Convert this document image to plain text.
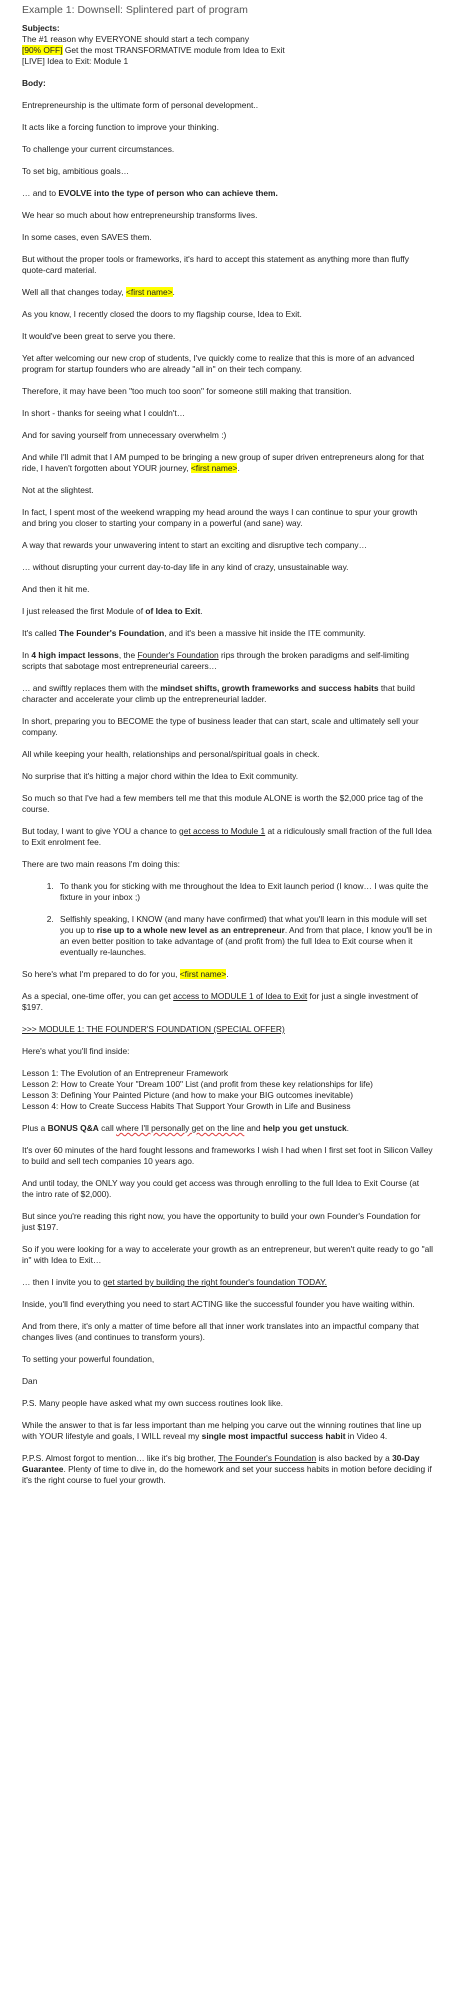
Example 1: Downsell: Splintered part of program
Subjects:
The #1 reason why EVERYONE should start a tech company
[90% OFF] Get the most TRANSFORMATIVE module from Idea to Exit
[LIVE] Idea to Exit: Module 1
Body:
Entrepreneurship is the ultimate form of personal development..
It acts like a forcing function to improve your thinking.
To challenge your current circumstances.
To set big, ambitious goals…
… and to EVOLVE into the type of person who can achieve them.
We hear so much about how entrepreneurship transforms lives.
In some cases, even SAVES them.
But without the proper tools or frameworks, it's hard to accept this statement as anything more than fluffy quote-card material.
Well all that changes today, <first name>.
As you know, I recently closed the doors to my flagship course, Idea to Exit.
It would've been great to serve you there.
Yet after welcoming our new crop of students, I've quickly come to realize that this is more of an advanced program for startup founders who are already "all in" on their tech company.
Therefore, it may have been "too much too soon" for someone still making that transition.
In short - thanks for seeing what I couldn't…
And for saving yourself from unnecessary overwhelm :)
And while I'll admit that I AM pumped to be bringing a new group of super driven entrepreneurs along for that ride, I haven't forgotten about YOUR journey, <first name>.
Not at the slightest.
In fact, I spent most of the weekend wrapping my head around the ways I can continue to spur your growth and bring you closer to starting your company in a powerful (and sane) way.
A way that rewards your unwavering intent to start an exciting and disruptive tech company…
… without disrupting your current day-to-day life in any kind of crazy, unsustainable way.
And then it hit me.
I just released the first Module of of Idea to Exit.
It's called The Founder's Foundation, and it's been a massive hit inside the ITE community.
In 4 high impact lessons, the Founder's Foundation rips through the broken paradigms and self-limiting scripts that sabotage most entrepreneurial careers…
… and swiftly replaces them with the mindset shifts, growth frameworks and success habits that build character and accelerate your climb up the entrepreneurial ladder.
In short, preparing you to BECOME the type of business leader that can start, scale and ultimately sell your company.
All while keeping your health, relationships and personal/spiritual goals in check.
No surprise that it's hitting a major chord within the Idea to Exit community.
So much so that I've had a few members tell me that this module ALONE is worth the $2,000 price tag of the course.
But today, I want to give YOU a chance to get access to Module 1 at a ridiculously small fraction of the full Idea to Exit enrolment fee.
There are two main reasons I'm doing this:
1. To thank you for sticking with me throughout the Idea to Exit launch period (I know… I was quite the fixture in your inbox ;)
2. Selfishly speaking, I KNOW (and many have confirmed) that what you'll learn in this module will set you up to rise up to a whole new level as an entrepreneur. And from that place, I know you'll be in an even better position to take advantage of (and profit from) the full Idea to Exit course when it eventually re-launches.
So here's what I'm prepared to do for you, <first name>.
As a special, one-time offer, you can get access to MODULE 1 of Idea to Exit for just a single investment of $197.
>>> MODULE 1: THE FOUNDER'S FOUNDATION (SPECIAL OFFER)
Here's what you'll find inside:
Lesson 1: The Evolution of an Entrepreneur Framework
Lesson 2: How to Create Your "Dream 100" List (and profit from these key relationships for life)
Lesson 3: Defining Your Painted Picture (and how to make your BIG outcomes inevitable)
Lesson 4: How to Create Success Habits That Support Your Growth in Life and Business
Plus a BONUS Q&A call where I'll personally get on the line and help you get unstuck.
It's over 60 minutes of the hard fought lessons and frameworks I wish I had when I first set foot in Silicon Valley to build and sell tech companies 10 years ago.
And until today, the ONLY way you could get access was through enrolling to the full Idea to Exit Course (at the intro rate of $2,000).
But since you're reading this right now, you have the opportunity to build your own Founder's Foundation for just $197.
So if you were looking for a way to accelerate your growth as an entrepreneur, but weren't quite ready to go "all in" with Idea to Exit…
… then I invite you to get started by building the right founder's foundation TODAY.
Inside, you'll find everything you need to start ACTING like the successful founder you have waiting within.
And from there, it's only a matter of time before all that inner work translates into an impactful company that changes lives (and continues to transform yours).
To setting your powerful foundation,
Dan
P.S. Many people have asked what my own success routines look like.
While the answer to that is far less important than me helping you carve out the winning routines that line up with YOUR lifestyle and goals, I WILL reveal my single most impactful success habit in Video 4.
P.P.S. Almost forgot to mention… like it's big brother, The Founder's Foundation is also backed by a 30-Day Guarantee. Plenty of time to dive in, do the homework and set your success habits in motion before deciding if it's the right course to fuel your growth.
